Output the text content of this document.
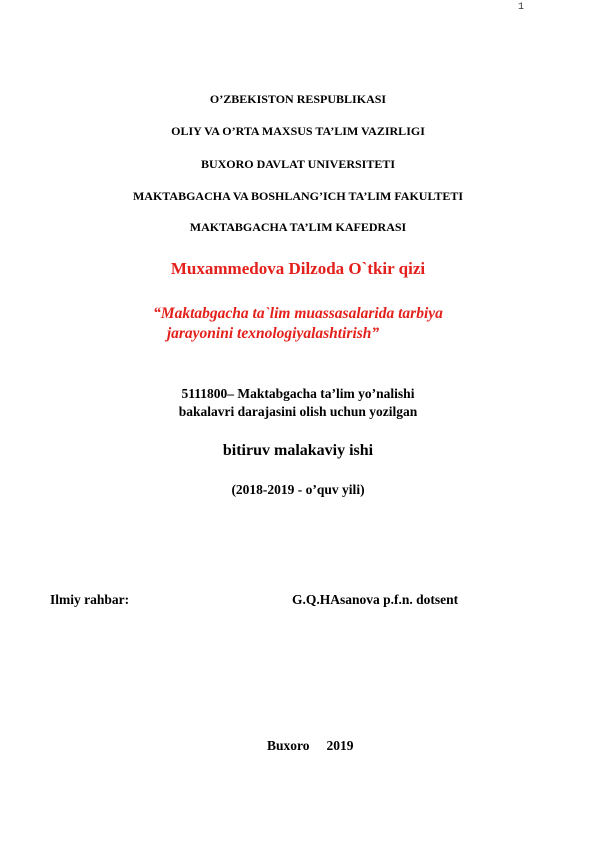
1
O’ZBEKISTON RESPUBLIKASI
OLIY VA O’RTA MAXSUS TA’LIM VAZIRLIGI
BUXORO DAVLAT UNIVERSITETI
MAKTABGACHA VA BOSHLANG’ICH TA’LIM FAKULTETI
MAKTABGACHA TA’LIM KAFEDRASI
Muxammedova Dilzoda O`tkir qizi
“Maktabgacha ta`lim muassasalarida tarbiya
jarayonini texnologiyalashtirish”
5111800– Maktabgacha ta’lim yo’nalishi
bakalavri darajasini olish uchun yozilgan
bitiruv malakaviy ishi
(2018-2019 - o’quv yili)
Ilmiy rahbar:	G.Q.HAsanova p.f.n. dotsent
Buxoro 2019
